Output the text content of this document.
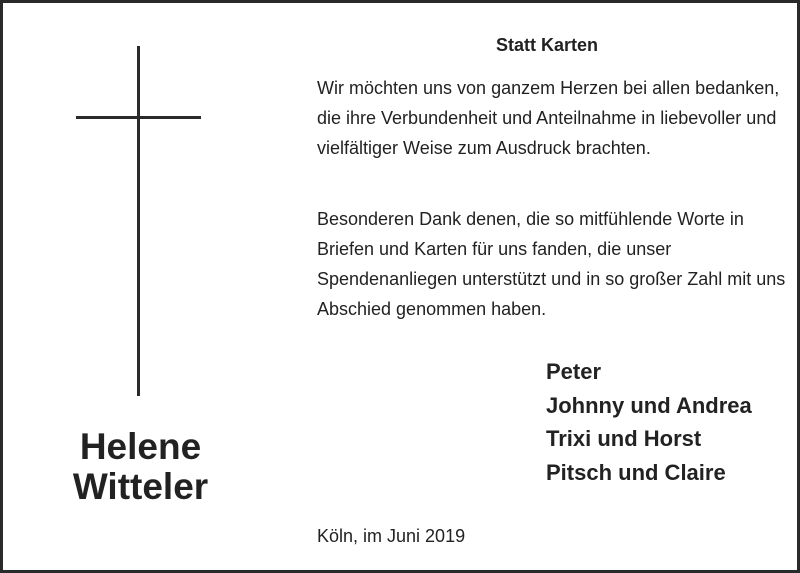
Helene
Witteler
Statt Karten

Wir möchten uns von ganzem Herzen bei allen bedanken, die ihre Verbundenheit und Anteilnahme in liebevoller und vielfältiger Weise zum Ausdruck brachten.

Besonderen Dank denen, die so mitfühlende Worte in Briefen und Karten für uns fanden, die unser Spendenanliegen unterstützt und in so großer Zahl mit uns Abschied genommen haben.

Peter
Johnny und Andrea
Trixi und Horst
Pitsch und Claire
Köln, im Juni 2019
